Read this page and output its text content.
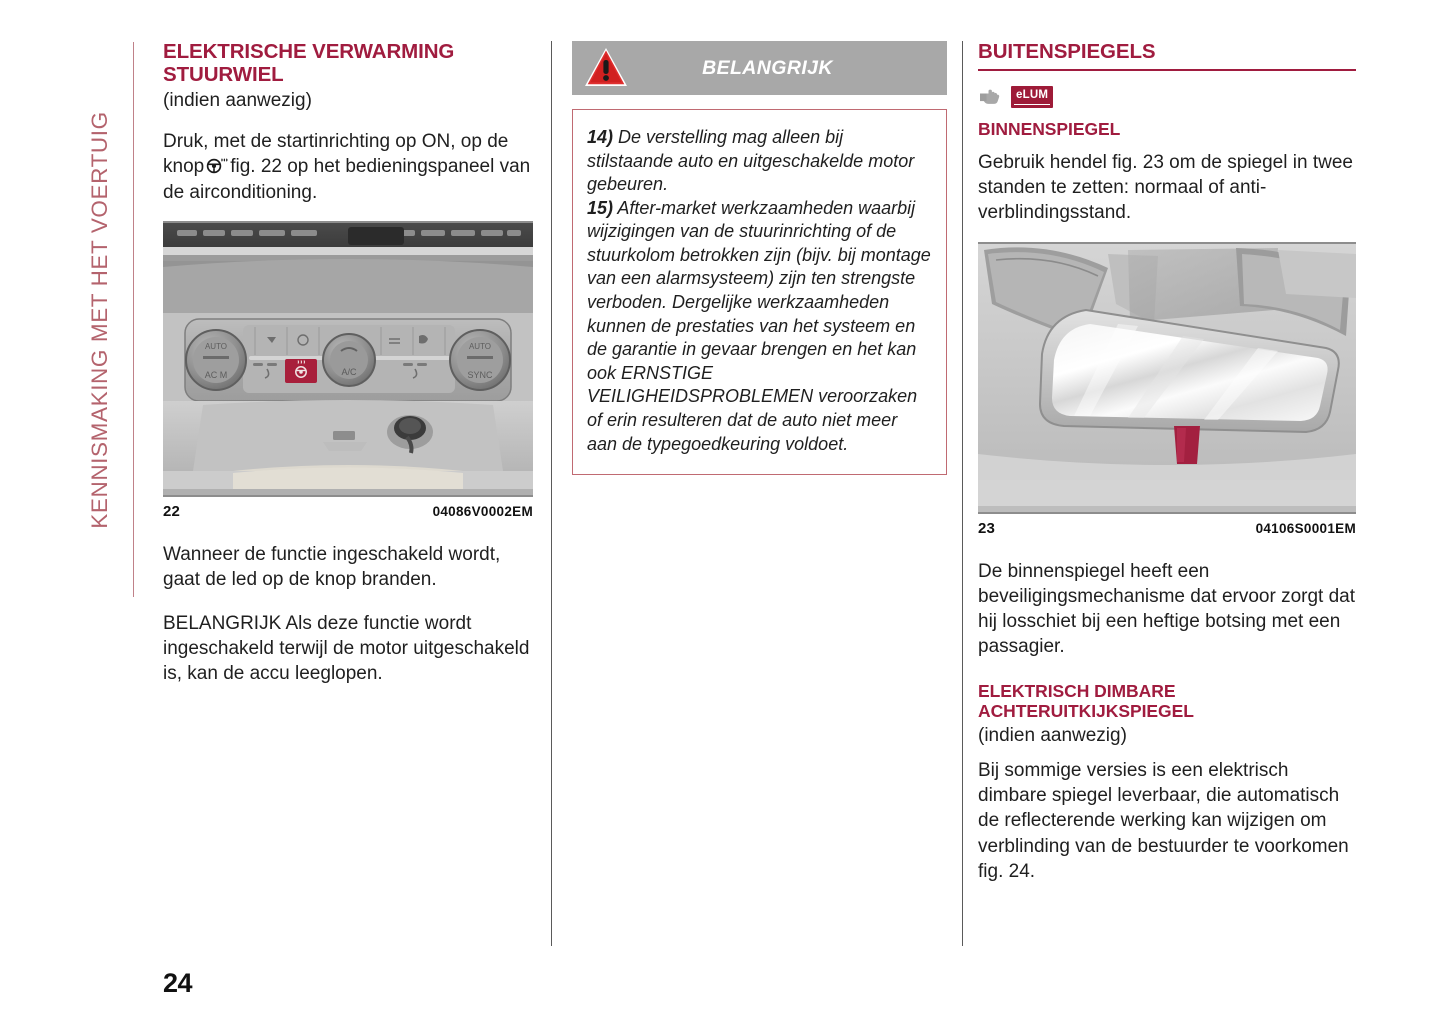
KENNISMAKING MET HET VOERTUIG
ELEKTRISCHE VERWARMING STUURWIEL

(indien aanwezig)

Druk, met de startinrichting op ON, op de knop fig. 22 op het bedieningspaneel van de airconditioning.

AUTO
AC M	A/C
AUTO
SYNC
22	04086V0002EM

Wanneer de functie ingeschakeld wordt, gaat de led op de knop branden.

BELANGRIJK Als deze functie wordt ingeschakeld terwijl de motor uitgeschakeld is, kan de accu leeglopen.

BELANGRIJK

14) De verstelling mag alleen bij stilstaande auto en uitgeschakelde motor gebeuren.

15) After-market werkzaamheden waarbij wijzigingen van de stuurinrichting of de stuurkolom betrokken zijn (bijv. bij montage van een alarmsysteem) zijn ten strengste verboden. Dergelijke werkzaamheden kunnen de prestaties van het systeem en de garantie in gevaar brengen en het kan ook ERNSTIGE VEILIGHEIDSPROBLEMEN veroorzaken of erin resulteren dat de auto niet meer aan de typegoedkeuring voldoet.

BUITENSPIEGELS
eLUM
BINNENSPIEGEL

Gebruik hendel fig. 23 om de spiegel in twee standen te zetten: normaal of anti-verblindingsstand.

23	04106S0001EM

De binnenspiegel heeft een beveiligingsmechanisme dat ervoor zorgt dat hij losschiet bij een heftige botsing met een passagier.

ELEKTRISCH DIMBARE ACHTERUITKIJKSPIEGEL

(indien aanwezig)

Bij sommige versies is een elektrisch dimbare spiegel leverbaar, die automatisch de reflecterende werking kan wijzigen om verblinding van de bestuurder te voorkomen fig. 24.

24
